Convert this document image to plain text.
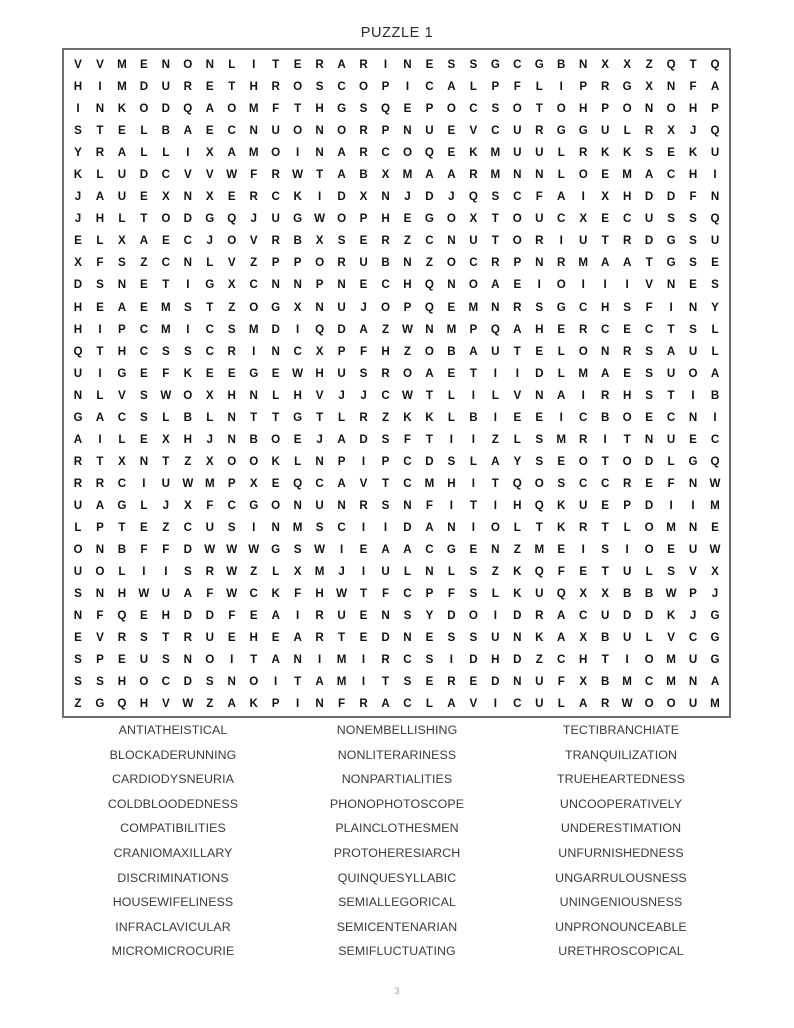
PUZZLE 1
V	V	M	E	N	O	N	L	I	T	E	R	A	R	I	N	E	S	S	G	C	G	B	N	X	X	Z	Q	T	Q
H	I	M	D	U	R	E	T	H	R	O	S	C	O	P	I	C	A	L	P	F	L	I	P	R	G	X	N	F	A
I	N	K	O	D	Q	A	O	M	F	T	H	G	S	Q	E	P	O	C	S	O	T	O	H	P	O	N	O	H	P
S	T	E	L	B	A	E	C	N	U	O	N	O	R	P	N	U	E	V	C	U	R	G	G	U	L	R	X	J	Q
Y	R	A	L	L	I	X	A	M	O	I	N	A	R	C	O	Q	E	K	M	U	U	L	R	K	K	S	E	K	U
K	L	U	D	C	V	V	W	F	R	W	T	A	B	X	M	A	A	R	M	N	N	L	O	E	M	A	C	H	I
J	A	U	E	X	N	X	E	R	C	K	I	D	X	N	J	D	J	Q	S	C	F	A	I	X	H	D	D	F	N
J	H	L	T	O	D	G	Q	J	U	G	W	O	P	H	E	G	O	X	T	O	U	C	X	E	C	U	S	S	Q
E	L	X	A	E	C	J	O	V	R	B	X	S	E	R	Z	C	N	U	T	O	R	I	U	T	R	D	G	S	U
X	F	S	Z	C	N	L	V	Z	P	P	O	R	U	B	N	Z	O	C	R	P	N	R	M	A	A	T	G	S	E
D	S	N	E	T	I	G	X	C	N	N	P	N	E	C	H	Q	N	O	A	E	I	O	I	I	I	V	N	E	S
H	E	A	E	M	S	T	Z	O	G	X	N	U	J	O	P	Q	E	M	N	R	S	G	C	H	S	F	I	N	Y
H	I	P	C	M	I	C	S	M	D	I	Q	D	A	Z	W	N	M	P	Q	A	H	E	R	C	E	C	T	S	L
Q	T	H	C	S	S	C	R	I	N	C	X	P	F	H	Z	O	B	A	U	T	E	L	O	N	R	S	A	U	L
U	I	G	E	F	K	E	E	G	E	W	H	U	S	R	O	A	E	T	I	I	D	L	M	A	E	S	U	O	A
N	L	V	S	W	O	X	H	N	L	H	V	J	J	C	W	T	L	I	L	V	N	A	I	R	H	S	T	I	B
G	A	C	S	L	B	L	N	T	T	G	T	L	R	Z	K	K	L	B	I	E	E	I	C	B	O	E	C	N	I
A	I	L	E	X	H	J	N	B	O	E	J	A	D	S	F	T	I	I	Z	L	S	M	R	I	T	N	U	E	C
R	T	X	N	T	Z	X	O	O	K	L	N	P	I	P	C	D	S	L	A	Y	S	E	O	T	O	D	L	G	Q
R	R	C	I	U	W	M	P	X	E	Q	C	A	V	T	C	M	H	I	T	Q	O	S	C	C	R	E	F	N	W
U	A	G	L	J	X	F	C	G	O	N	U	N	R	S	N	F	I	T	I	H	Q	K	U	E	P	D	I	I	M
L	P	T	E	Z	C	U	S	I	N	M	S	C	I	I	D	A	N	I	O	L	T	K	R	T	L	O	M	N	E
O	N	B	F	F	D	W W W	G	S	W	I	E	A	A	C	G	E	N	Z	M	E	I	S	I	O	E	U	W
U	O	L	I	I	S	R	W	Z	L	X	M	J	I	U	L	N	L	S	Z	K	Q	F	E	T	U	L	S	V	X
S	N	H	W	U	A	F	W	C	K	F	H	W	T	F	C	P	F	S	L	K	U	Q	X	X	B	B	W	P	J
N	F	Q	E	H	D	D	F	E	A	I	R	U	E	N	S	Y	D	O	I	D	R	A	C	U	D	D	K	J	G
E	V	R	S	T	R	U	E	H	E	A	R	T	E	D	N	E	S	S	U	N	K	A	X	B	U	L	V	C	G
S	P	E	U	S	N	O	I	T	A	N	I	M	I	R	C	S	I	D	H	D	Z	C	H	T	I	O	M	U	G
S	S	H	O	C	D	S	N	O	I	T	A	M	I	T	S	E	R	E	D	N	U	F	X	B	M	C	M	N	A
Z	G	Q	H	V	W	Z	A	K	P	I	N	F	R	A	C	L	A	V	I	C	U	L	A	R	W	O	O	U	M
ANTIATHEISTICAL
BLOCKADERUNNING
CARDIODYSNEURIA
COLDBLOODEDNESS
COMPATIBILITIES
CRANIOMAXILLARY
DISCRIMINATIONS
HOUSEWIFELINESS
INFRACLAVICULAR
MICROMICROCURIE
NONEMBELLISHING
NONLITERARINESS
NONPARTIALITIES
PHONOPHOTOSCOPE
PLAINCLOTHESMEN
PROTOHERESIARCH
QUINQUESYLLABIC
SEMIALLEGORICAL
SEMICENTENARIAN
SEMIFLUCTUATING
TECTIBRANCHIATE
TRANQUILIZATION
TRUEHEARTEDNESS
UNCOOPERATIVELY
UNDERESTIMATION
UNFURNISHEDNESS
UNGARRULOUSNESS
UNINGENIOUSNESS
UNPRONOUNCEABLE
URETHROSCOPICAL
3
